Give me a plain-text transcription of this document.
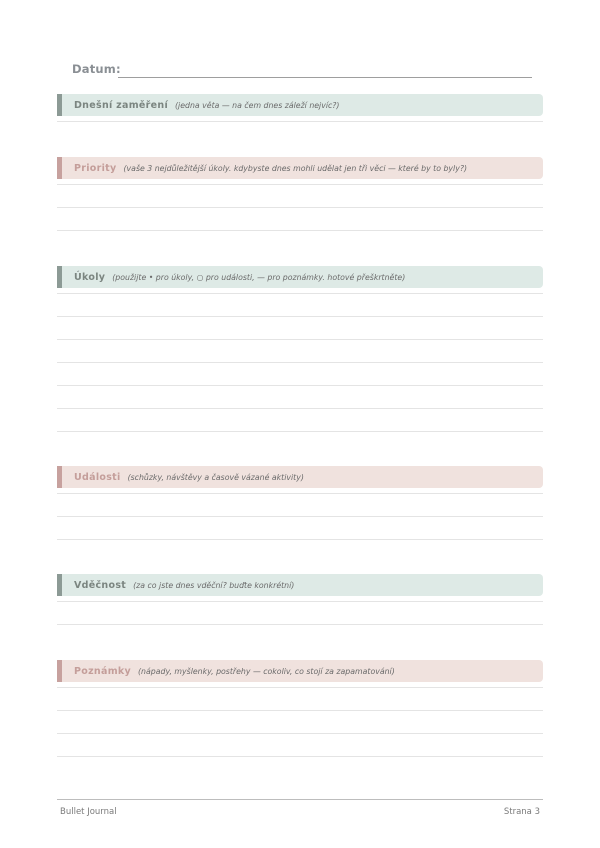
Datum:
Dnešní zaměření (jedna věta — na čem dnes záleží nejvíc?)
Priority (vaše 3 nejdůležitější úkoly. kdybyste dnes mohli udělat jen tři věci — které by to byly?)
Úkoly (použijte • pro úkoly, ○ pro události, — pro poznámky. hotové přeškrtněte)
Události (schůzky, návštěvy a časově vázané aktivity)
Vděčnost (za co jste dnes vděční? buďte konkrétní)
Poznámky (nápady, myšlenky, postřehy — cokoliv, co stojí za zapamatování)
Bullet Journal	Strana 3
